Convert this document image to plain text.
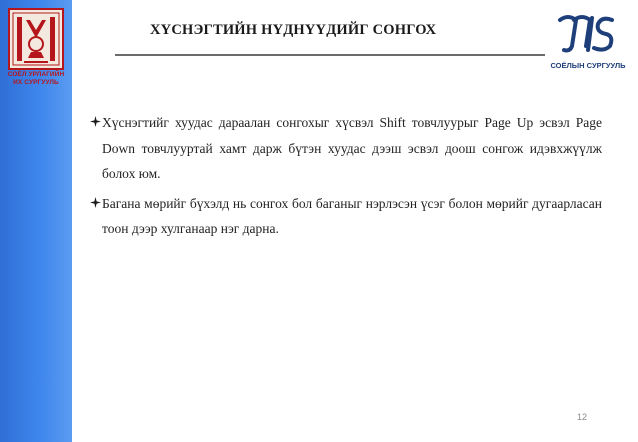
СОЁЛ УРЛАГИЙН
ИХ СУРГУУЛЬ
ХҮСНЭГТИЙН НҮДНҮҮДИЙГ СОНГОХ
СОЁЛЫН СУРГУУЛЬ
Хүснэгтийг хуудас дараалан сонгохыг хүсвэл Shift товчлуурыг Page Up эсвэл Page Down товчлууртай хамт дарж бүтэн хуудас дээш эсвэл доош сонгож идэвхжүүлж болох юм.
Багана мөрийг бүхэлд нь сонгох бол баганыг нэрлэсэн үсэг болон мөрийг дугаарласан тоон дээр хулганаар нэг дарна.
12
